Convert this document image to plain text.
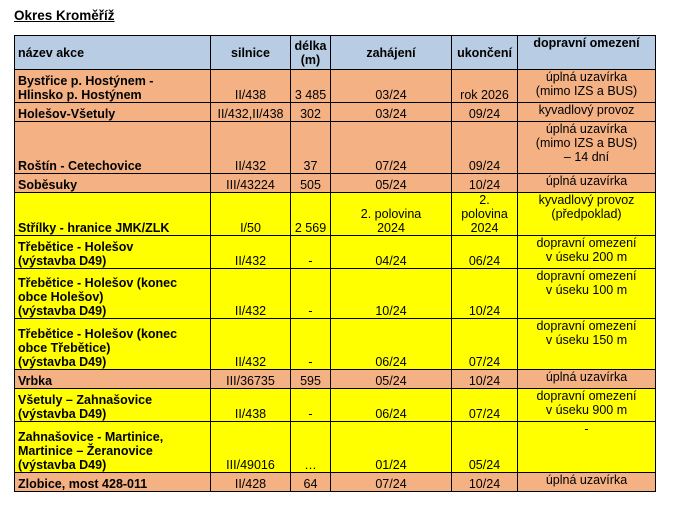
Okres Kroměříž
název akce	silnice	délka
(m)	zahájení	ukončení	dopravní omezení
Bystřice p. Hostýnem -
Hlinsko p. Hostýnem	II/438	3 485	03/24	rok 2026	úplná uzavírka
(mimo IZS a BUS)
Holešov-Všetuly	II/432,II/438	302	03/24	09/24	kyvadlový provoz
Roštín - Cetechovice	II/432	37	07/24	09/24	úplná uzavírka
(mimo IZS a BUS)
– 14 dní
Soběsuky	III/43224	505	05/24	10/24	úplná uzavírka
Střílky - hranice JMK/ZLK	I/50	2 569	2. polovina
2024	2. polovina
2024	kyvadlový provoz
(předpoklad)
Třebětice - Holešov
(výstavba D49)	II/432	-	04/24	06/24	dopravní omezení
v úseku 200 m
Třebětice - Holešov (konec
obce Holešov)
(výstavba D49)	II/432	-	10/24	10/24	dopravní omezení
v úseku 100 m
Třebětice - Holešov (konec
obce Třebětice)
(výstavba D49)	II/432	-	06/24	07/24	dopravní omezení
v úseku 150 m
Vrbka	III/36735	595	05/24	10/24	úplná uzavírka
Všetuly – Zahnašovice
(výstavba D49)	II/438	-	06/24	07/24	dopravní omezení
v úseku 900 m
Zahnašovice - Martinice,
Martinice – Žeranovice
(výstavba D49)	III/49016	…	01/24	05/24	-
Zlobice, most 428-011	II/428	64	07/24	10/24	úplná uzavírka
